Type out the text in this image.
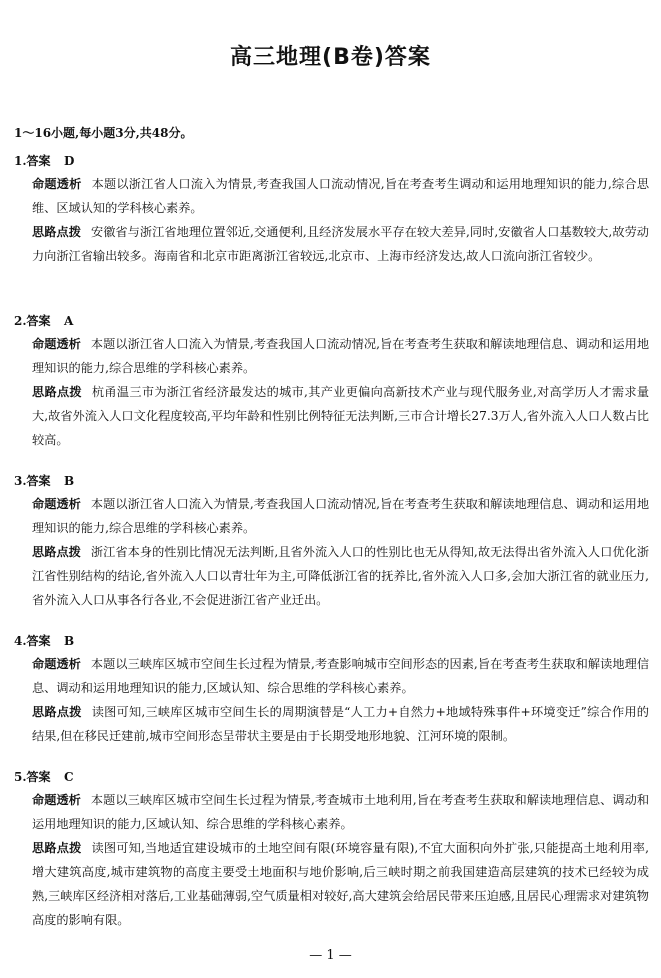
高三地理(B卷)答案
1～16小题,每小题3分,共48分。
1.答案 D
命题透析 本题以浙江省人口流入为情景,考查我国人口流动情况,旨在考查考生调动和运用地理知识的能力,综合思维、区域认知的学科核心素养。
思路点拨 安徽省与浙江省地理位置邻近,交通便利,且经济发展水平存在较大差异,同时,安徽省人口基数较大,故劳动力向浙江省输出较多。海南省和北京市距离浙江省较远,北京市、上海市经济发达,故人口流向浙江省较少。
2.答案 A
命题透析 本题以浙江省人口流入为情景,考查我国人口流动情况,旨在考查考生获取和解读地理信息、调动和运用地理知识的能力,综合思维的学科核心素养。
思路点拨 杭甬温三市为浙江省经济最发达的城市,其产业更偏向高新技术产业与现代服务业,对高学历人才需求量大,故省外流入人口文化程度较高,平均年龄和性别比例特征无法判断,三市合计增长27.3万人,省外流入人口人数占比较高。
3.答案 B
命题透析 本题以浙江省人口流入为情景,考查我国人口流动情况,旨在考查考生获取和解读地理信息、调动和运用地理知识的能力,综合思维的学科核心素养。
思路点拨 浙江省本身的性别比情况无法判断,且省外流入人口的性别比也无从得知,故无法得出省外流入人口优化浙江省性别结构的结论,省外流入人口以青壮年为主,可降低浙江省的抚养比,省外流入人口多,会加大浙江省的就业压力,省外流入人口从事各行各业,不会促进浙江省产业迁出。
4.答案 B
命题透析 本题以三峡库区城市空间生长过程为情景,考查影响城市空间形态的因素,旨在考查考生获取和解读地理信息、调动和运用地理知识的能力,区域认知、综合思维的学科核心素养。
思路点拨 读图可知,三峡库区城市空间生长的周期演替是“人工力+自然力+地域特殊事件+环境变迁”综合作用的结果,但在移民迁建前,城市空间形态呈带状主要是由于长期受地形地貌、江河环境的限制。
5.答案 C
命题透析 本题以三峡库区城市空间生长过程为情景,考查城市土地利用,旨在考查考生获取和解读地理信息、调动和运用地理知识的能力,区域认知、综合思维的学科核心素养。
思路点拨 读图可知,当地适宜建设城市的土地空间有限(环境容量有限),不宜大面积向外扩张,只能提高土地利用率,增大建筑高度,城市建筑物的高度主要受土地面积与地价影响,后三峡时期之前我国建造高层建筑的技术已经较为成熟,三峡库区经济相对落后,工业基础薄弱,空气质量相对较好,高大建筑会给居民带来压迫感,且居民心理需求对建筑物高度的影响有限。
— 1 —
